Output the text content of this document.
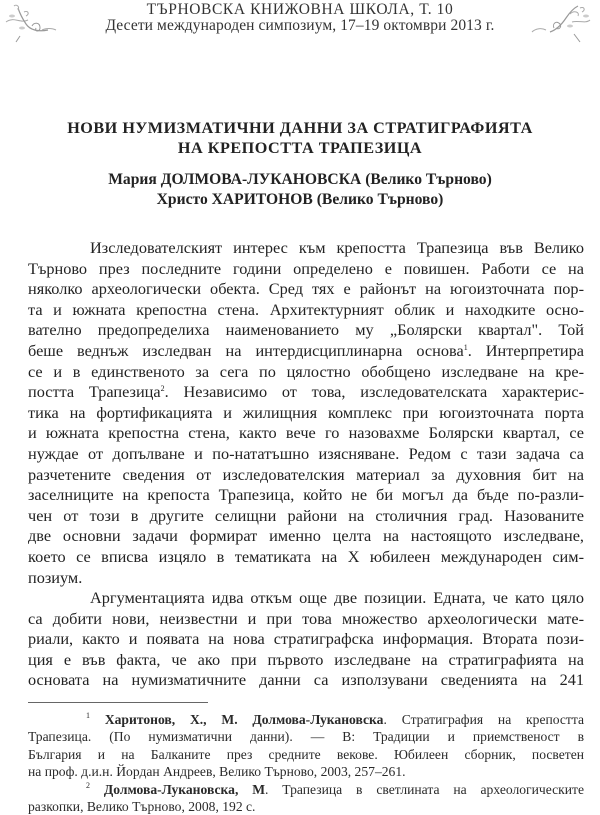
ТЪРНОВСКА КНИЖОВНА ШКОЛА, Т. 10
Десети международен симпозиум, 17–19 октомври 2013 г.
НОВИ НУМИЗМАТИЧНИ ДАННИ ЗА СТРАТИГРАФИЯТА
НА КРЕПОСТТА ТРАПЕЗИЦА
Мария ДОЛМОВА-ЛУКАНОВСКА (Велико Търново)
Христо ХАРИТОНОВ (Велико Търново)

Изследователският интерес към крепостта Трапезица във Велико
Търново през последните години определено е повишен. Работи се на
няколко археологически обекта. Сред тях е районът на югоизточната пор-
та и южната крепостна стена. Архитектурният облик и находките осно-
вателно предопределиха наименованието му „Болярски квартал". Той
беше веднъж изследван на интердисциплинарна основа$^1$. Интерпретира
се и в единственото за сега по цялостно обобщено изследване на кре-
постта Трапезица$^2$. Независимо от това, изследователската характерис-
тика на фортификацията и жилищния комплекс при югоизточната порта
и южната крепостна стена, както вече го назовахме Болярски квартал, се
нуждае от допълване и по-нататъшно изясняване. Редом с тази задача са
разчетените сведения от изследователския материал за духовния бит на
заселниците на крепоста Трапезица, който не би могъл да бъде по-разли-
чен от този в другите селищни райони на столичния град. Назованите
две основни задачи формират именно целта на настоящото изследване,
което се вписва изцяло в тематиката на X юбилеен международен сим-
позиум.

Аргументацията идва откъм още две позиции. Едната, че като цяло
са добити нови, неизвестни и при това множество археологически мате-
риали, както и появата на нова стратиграфска информация. Втората пози-
ция е във факта, че ако при първото изследване на стратиграфията на
основата на нумизматичните данни са използувани сведенията на 241

$^1$ Харитонов, Х., М. Долмова-Лукановска. Стратиграфия на крепостта
Трапезица. (По нумизматични данни). — В: Традиции и приемственост в
България и на Балканите през средните векове. Юбилеен сборник, посветен
на проф. д.и.н. Йордан Андреев, Велико Търново, 2003, 257–261.
$^2$ Долмова-Лукановска, М. Трапезица в светлината на археологическите
разкопки, Велико Търново, 2008, 192 с.
